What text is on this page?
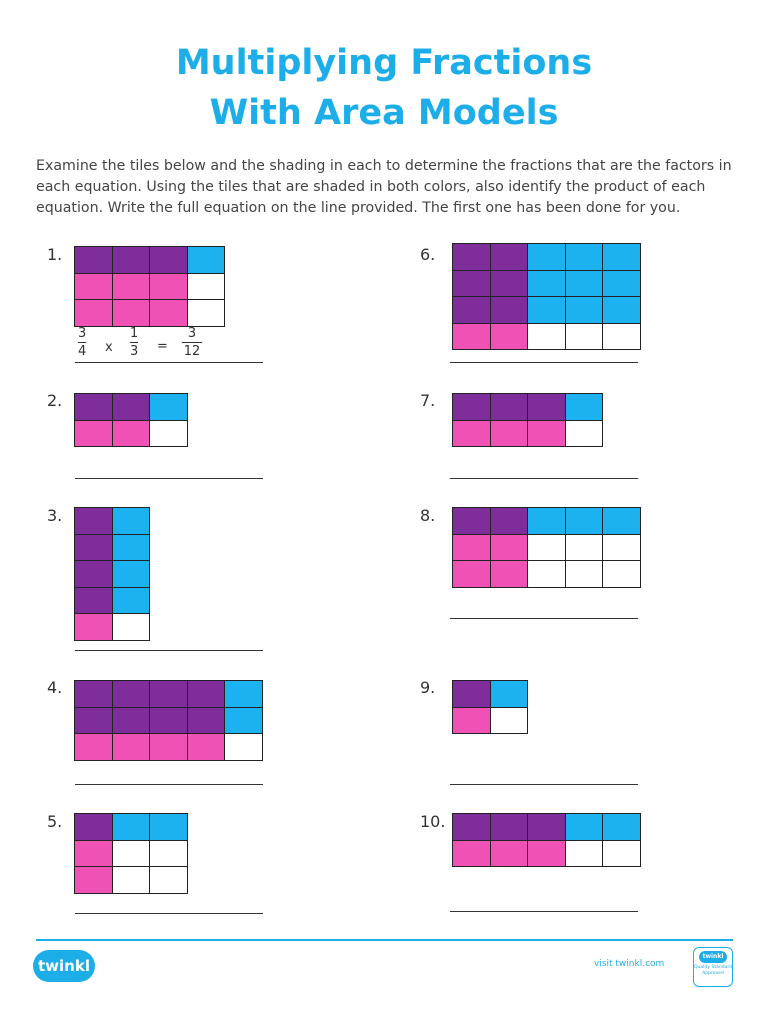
Multiplying Fractions
With Area Models
Examine the tiles below and the shading in each to determine the fractions that are the factors in each equation. Using the tiles that are shaded in both colors, also identify the product of each equation. Write the full equation on the line provided. The first one has been done for you.
1.
2.
3.
4.
5.
6.
7.
8.
9.
10.
3
4 x
1
3 =
3
12
twinkl	visit twinkl.com
twinkl
Quality Standard Approved
